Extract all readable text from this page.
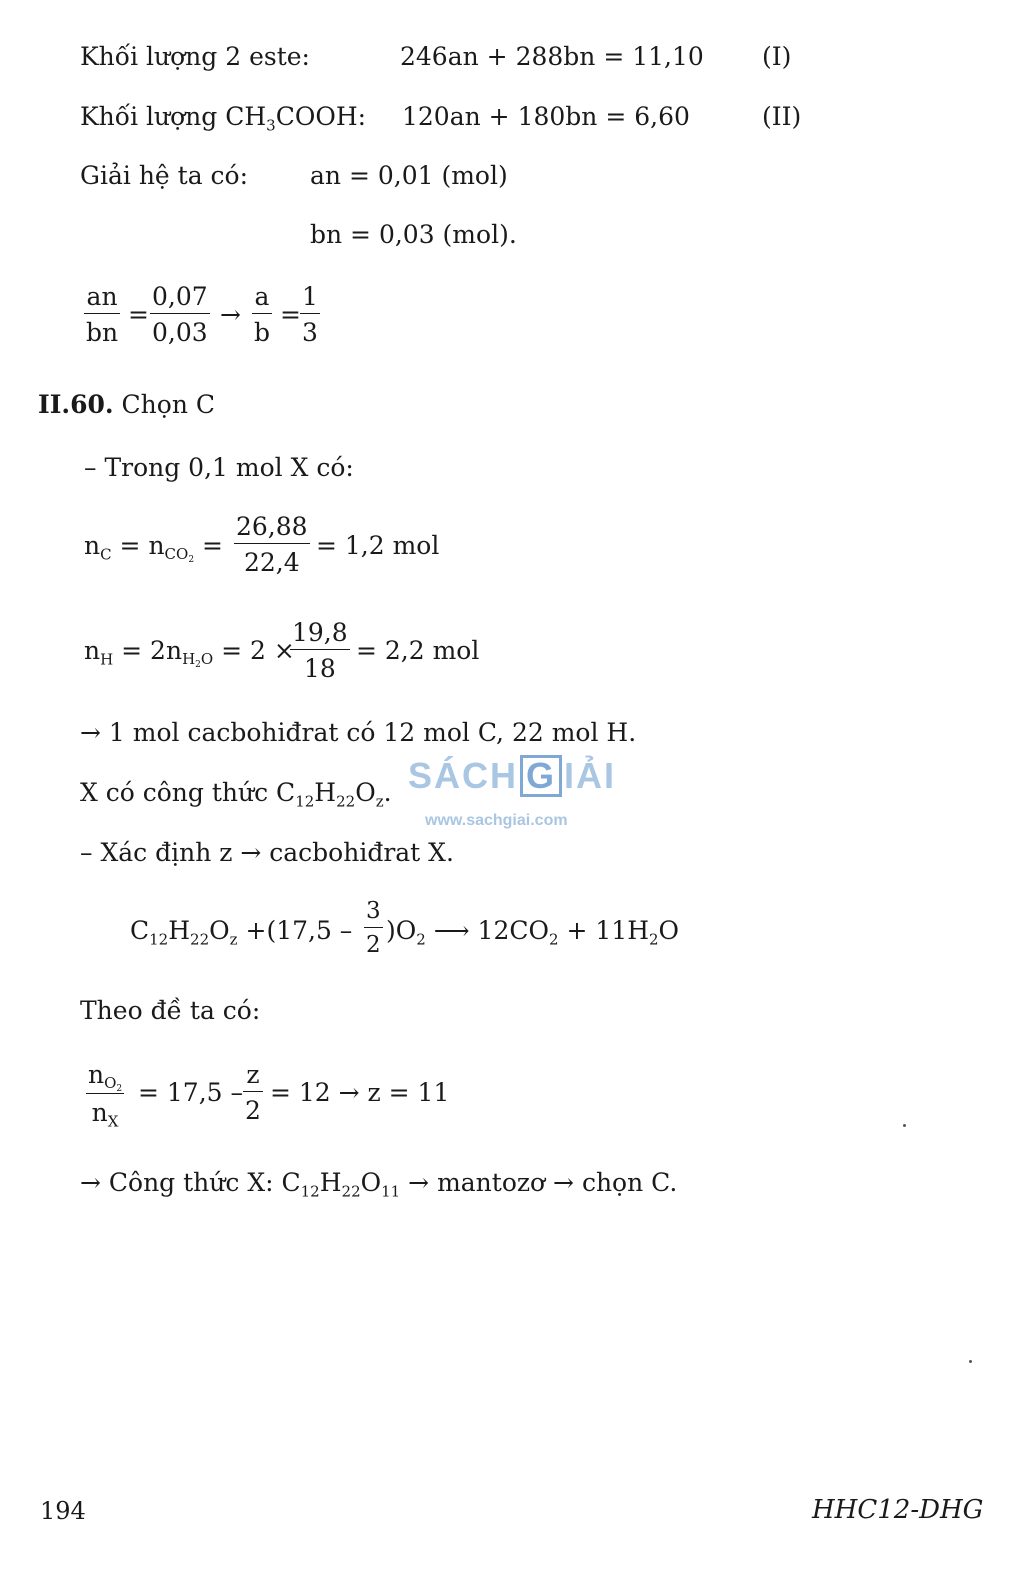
Khối lượng 2 este:	246an + 288bn = 11,10 (I)
Khối lượng $CH_3COOH$: 120an + 180bn = 6,60	(II)
Giải hệ ta có: an = 0,01 (mol)
bn = 0,03 (mol).
$\frac{an}{bn} = \frac{0,07}{0,03} \to \frac{a}{b} = \frac{1}{3}$
II.60. Chọn C
– Trong 0,1 mol X có:
$n_C = n_{CO_2} = \frac{26,88}{22,4} = 1,2$ mol
$n_H = 2n_{H_2O} = 2$ ×
$\frac{19,8}{18} = 2,2$ mol
→ 1 mol cacbohiđrat có 12 mol C, 22 mol H.
X có công thức $C_{12}H_{22}O_z$.
– Xác định z → cacbohiđrat X.
$C_{12}H_{22}O_z +(17,5 - \frac{3}{2} )O_2$ ⟶ $12CO_2 + 11H_2O$
Theo đề ta có:
$\frac{n_{O_2}}{n_X} = 17,5 - \frac{z}{2} = 12 \to z = 11$
→ Công thức X: $C_{12}H_{22}O_{11}$ → mantozơ → chọn C.
SÁCH G IẢI
www.sachgiai.com
194	HHC12-DHG
